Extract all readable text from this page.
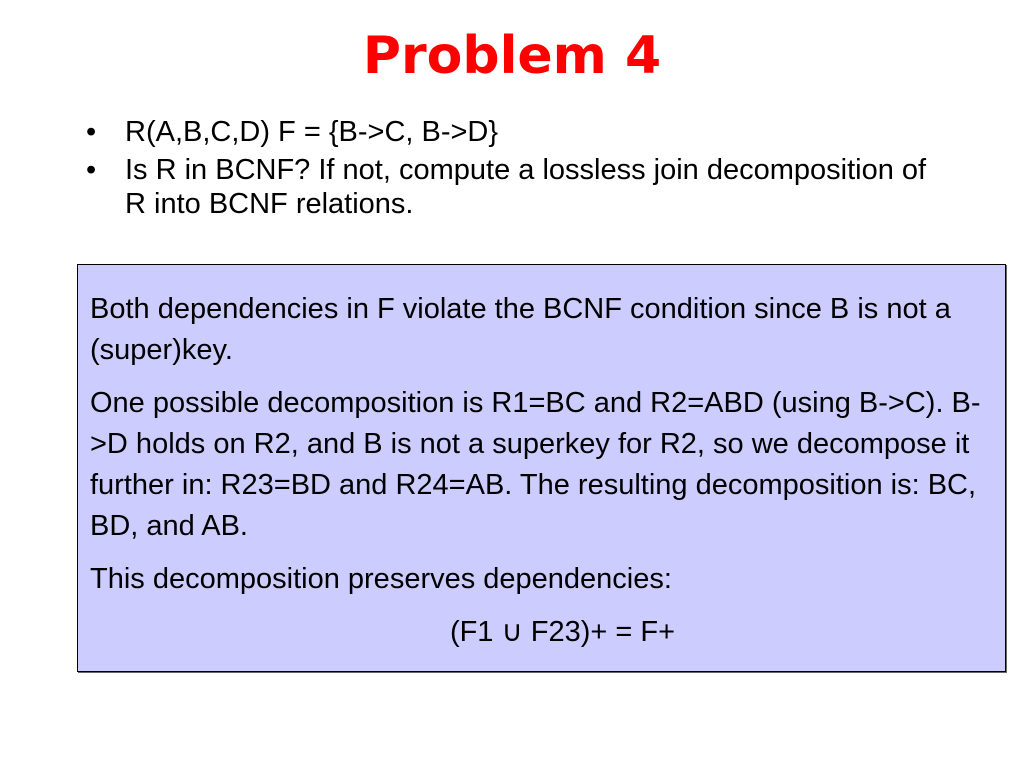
Problem 4
• R(A,B,C,D) F = {B->C, B->D}
• Is R in BCNF? If not, compute a lossless join decomposition of R into BCNF relations.

Both dependencies in F violate the BCNF condition since B is not a (super)key.

One possible decomposition is R1=BC and R2=ABD (using B->C). B->D holds on R2, and B is not a superkey for R2, so we decompose it further in: R23=BD and R24=AB. The resulting decomposition is: BC, BD, and AB.

This decomposition preserves dependencies:

(F1 ∪ F23)+ = F+
